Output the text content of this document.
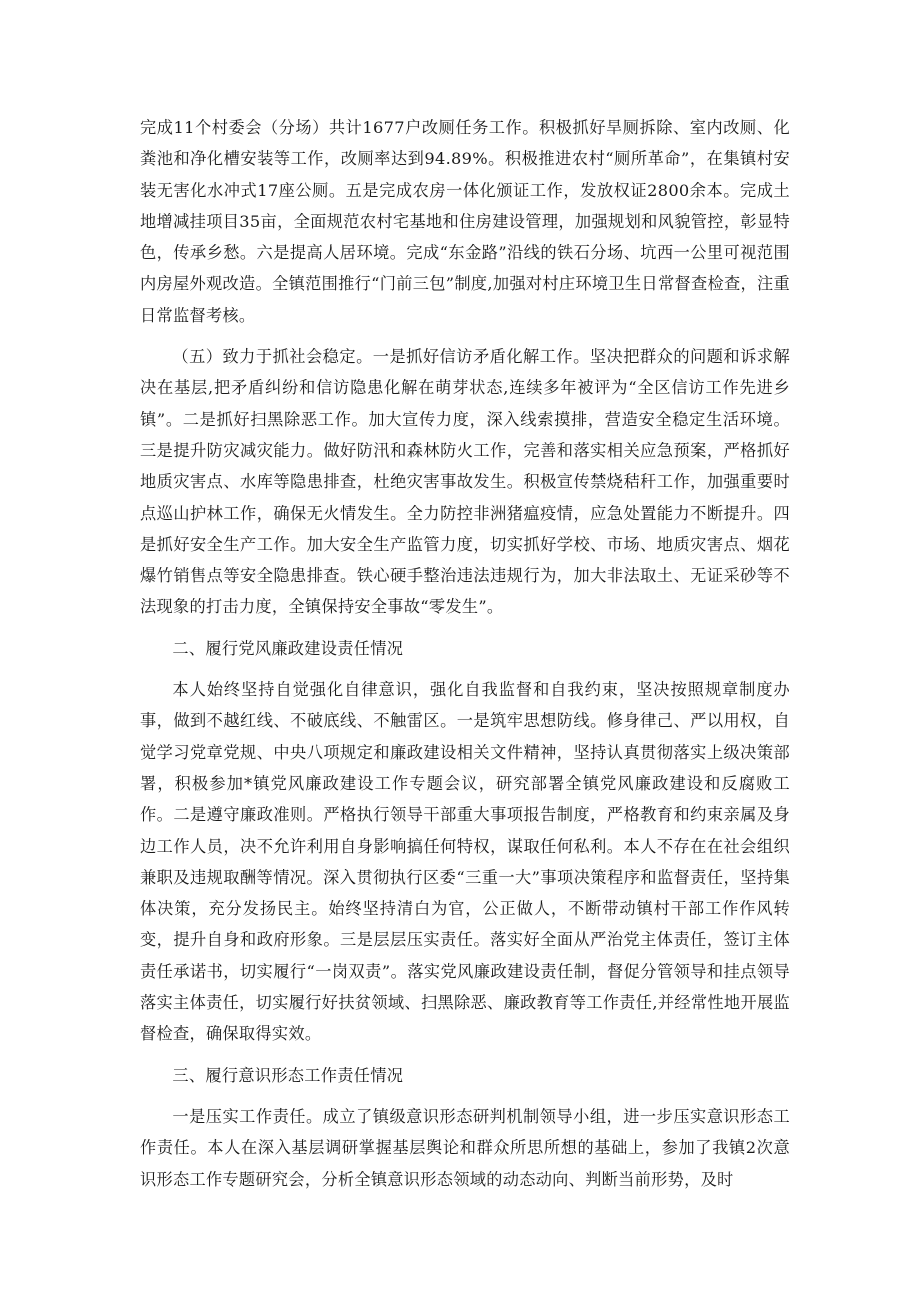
完成11个村委会（分场）共计1677户改厕任务工作。积极抓好旱厕拆除、室内改厕、化粪池和净化槽安装等工作，改厕率达到94.89%。积极推进农村“厕所革命”，在集镇村安装无害化水冲式17座公厕。五是完成农房一体化颁证工作，发放权证2800余本。完成土地增减挂项目35亩，全面规范农村宅基地和住房建设管理，加强规划和风貌管控，彰显特色，传承乡愁。六是提高人居环境。完成“东金路”沿线的铁石分场、坑西一公里可视范围内房屋外观改造。全镇范围推行“门前三包”制度,加强对村庄环境卫生日常督查检查，注重日常监督考核。

（五）致力于抓社会稳定。一是抓好信访矛盾化解工作。坚决把群众的问题和诉求解决在基层,把矛盾纠纷和信访隐患化解在萌芽状态,连续多年被评为“全区信访工作先进乡镇”。二是抓好扫黑除恶工作。加大宣传力度，深入线索摸排，营造安全稳定生活环境。三是提升防灾减灾能力。做好防汛和森林防火工作，完善和落实相关应急预案，严格抓好地质灾害点、水库等隐患排查，杜绝灾害事故发生。积极宣传禁烧秸秆工作，加强重要时点巡山护林工作，确保无火情发生。全力防控非洲猪瘟疫情，应急处置能力不断提升。四是抓好安全生产工作。加大安全生产监管力度，切实抓好学校、市场、地质灾害点、烟花爆竹销售点等安全隐患排查。铁心硬手整治违法违规行为，加大非法取土、无证采砂等不法现象的打击力度，全镇保持安全事故“零发生”。

二、履行党风廉政建设责任情况

本人始终坚持自觉强化自律意识，强化自我监督和自我约束，坚决按照规章制度办事，做到不越红线、不破底线、不触雷区。一是筑牢思想防线。修身律己、严以用权，自觉学习党章党规、中央八项规定和廉政建设相关文件精神，坚持认真贯彻落实上级决策部署，积极参加*镇党风廉政建设工作专题会议，研究部署全镇党风廉政建设和反腐败工作。二是遵守廉政准则。严格执行领导干部重大事项报告制度，严格教育和约束亲属及身边工作人员，决不允许利用自身影响搞任何特权，谋取任何私利。本人不存在在社会组织兼职及违规取酬等情况。深入贯彻执行区委“三重一大”事项决策程序和监督责任，坚持集体决策，充分发扬民主。始终坚持清白为官，公正做人，不断带动镇村干部工作作风转变，提升自身和政府形象。三是层层压实责任。落实好全面从严治党主体责任，签订主体责任承诺书，切实履行“一岗双责”。落实党风廉政建设责任制，督促分管领导和挂点领导落实主体责任，切实履行好扶贫领域、扫黑除恶、廉政教育等工作责任,并经常性地开展监督检查，确保取得实效。

三、履行意识形态工作责任情况

一是压实工作责任。成立了镇级意识形态研判机制领导小组，进一步压实意识形态工作责任。本人在深入基层调研掌握基层舆论和群众所思所想的基础上，参加了我镇2次意识形态工作专题研究会，分析全镇意识形态领域的动态动向、判断当前形势，及时
